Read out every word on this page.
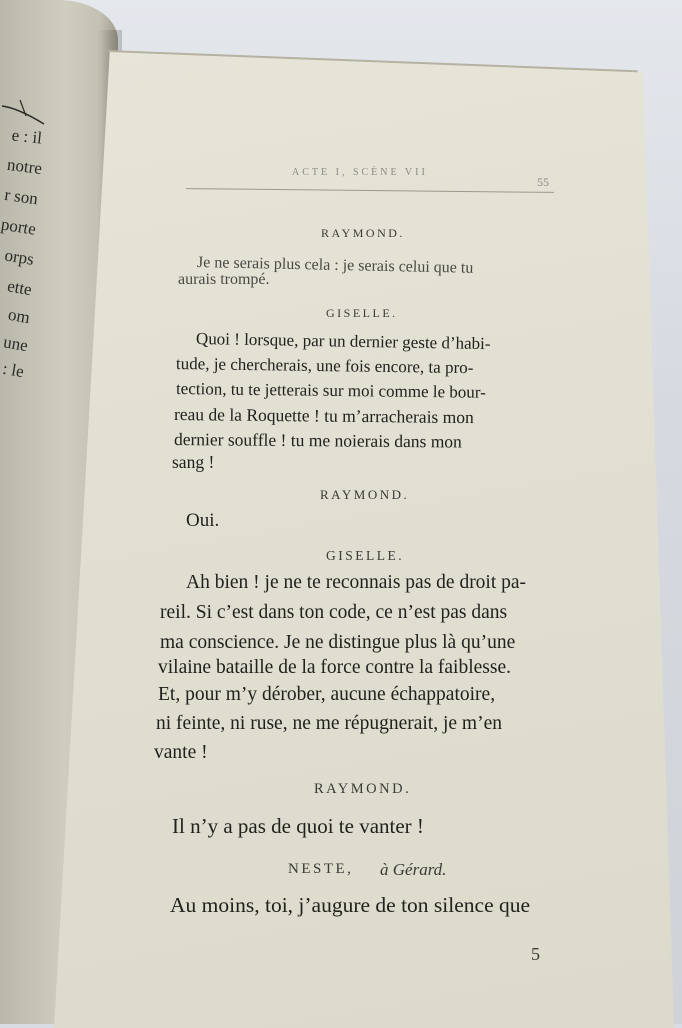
e : il
notre
r son
porte
orps
ette
om
une
: le
ACTE I, SCÈNE VII
55
RAYMOND.
Je ne serais plus cela : je serais celui que tu
aurais trompé.
GISELLE.
Quoi ! lorsque, par un dernier geste d’habi-
tude, je chercherais, une fois encore, ta pro-
tection, tu te jetterais sur moi comme le bour-
reau de la Roquette ! tu m’arracherais mon
dernier souffle ! tu me noierais dans mon
sang !
RAYMOND.
Oui.
GISELLE.
Ah bien ! je ne te reconnais pas de droit pa-
reil. Si c’est dans ton code, ce n’est pas dans
ma conscience. Je ne distingue plus là qu’une
vilaine bataille de la force contre la faiblesse.
Et, pour m’y dérober, aucune échappatoire,
ni feinte, ni ruse, ne me répugnerait, je m’en
vante !
RAYMOND.
Il n’y a pas de quoi te vanter !
NESTE, à Gérard.
Au moins, toi, j’augure de ton silence que
5
